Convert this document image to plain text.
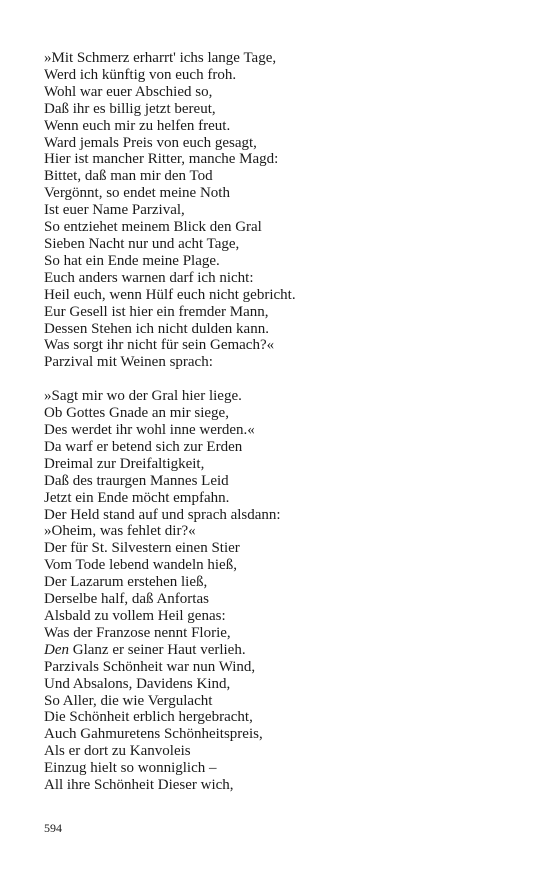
»Mit Schmerz erharrt' ichs lange Tage,
Werd ich künftig von euch froh.
Wohl war euer Abschied so,
Daß ihr es billig jetzt bereut,
Wenn euch mir zu helfen freut.
Ward jemals Preis von euch gesagt,
Hier ist mancher Ritter, manche Magd:
Bittet, daß man mir den Tod
Vergönnt, so endet meine Noth
Ist euer Name Parzival,
So entziehet meinem Blick den Gral
Sieben Nacht nur und acht Tage,
So hat ein Ende meine Plage.
Euch anders warnen darf ich nicht:
Heil euch, wenn Hülf euch nicht gebricht.
Eur Gesell ist hier ein fremder Mann,
Dessen Stehen ich nicht dulden kann.
Was sorgt ihr nicht für sein Gemach?«
Parzival mit Weinen sprach:
»Sagt mir wo der Gral hier liege.
Ob Gottes Gnade an mir siege,
Des werdet ihr wohl inne werden.«
Da warf er betend sich zur Erden
Dreimal zur Dreifaltigkeit,
Daß des traurgen Mannes Leid
Jetzt ein Ende möcht empfahn.
Der Held stand auf und sprach alsdann:
»Oheim, was fehlet dir?«
Der für St. Silvestern einen Stier
Vom Tode lebend wandeln hieß,
Der Lazarum erstehen ließ,
Derselbe half, daß Anfortas
Alsbald zu vollem Heil genas:
Was der Franzose nennt Florie,
Den Glanz er seiner Haut verlieh.
Parzivals Schönheit war nun Wind,
Und Absalons, Davidens Kind,
So Aller, die wie Vergulacht
Die Schönheit erblich hergebracht,
Auch Gahmuretens Schönheitspreis,
Als er dort zu Kanvoleis
Einzug hielt so wonniglich –
All ihre Schönheit Dieser wich,
594
